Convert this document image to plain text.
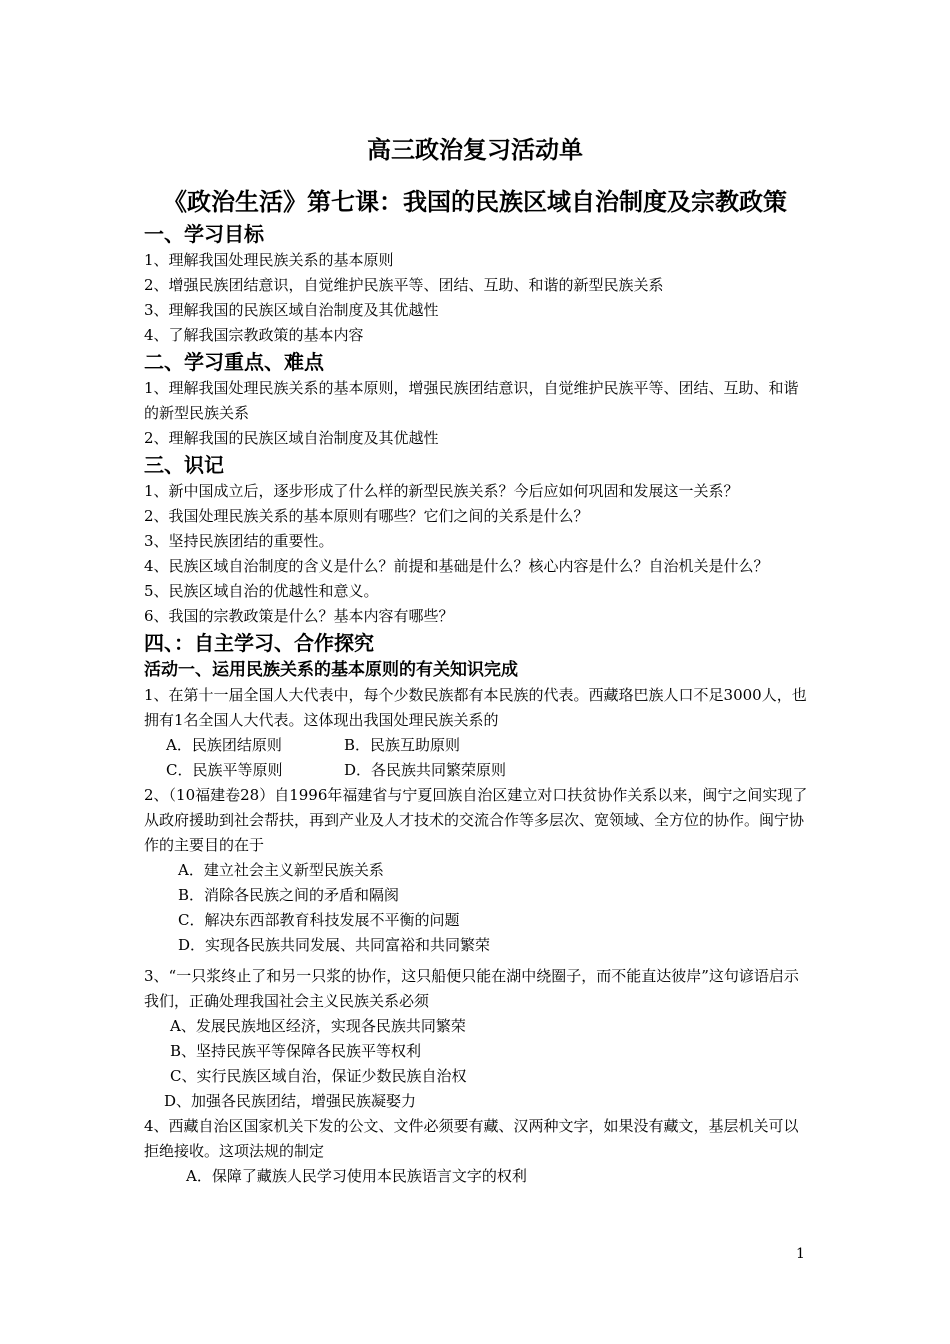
高三政治复习活动单
《政治生活》第七课：我国的民族区域自治制度及宗教政策
一、学习目标
1、理解我国处理民族关系的基本原则
2、增强民族团结意识，自觉维护民族平等、团结、互助、和谐的新型民族关系
3、理解我国的民族区域自治制度及其优越性
4、了解我国宗教政策的基本内容
二、学习重点、难点
1、理解我国处理民族关系的基本原则，增强民族团结意识，自觉维护民族平等、团结、互助、和谐的新型民族关系
2、理解我国的民族区域自治制度及其优越性
三、识记
1、新中国成立后，逐步形成了什么样的新型民族关系？今后应如何巩固和发展这一关系？
2、我国处理民族关系的基本原则有哪些？它们之间的关系是什么？
3、坚持民族团结的重要性。
4、民族区域自治制度的含义是什么？前提和基础是什么？核心内容是什么？自治机关是什么？
5、民族区域自治的优越性和意义。
6、我国的宗教政策是什么？基本内容有哪些？
四、：自主学习、合作探究
活动一、运用民族关系的基本原则的有关知识完成
1、在第十一届全国人大代表中，每个少数民族都有本民族的代表。西藏珞巴族人口不足3000人，也拥有1名全国人大代表。这体现出我国处理民族关系的
A．民族团结原则	B．民族互助原则
C．民族平等原则	D．各民族共同繁荣原则
2、（10福建卷28）自1996年福建省与宁夏回族自治区建立对口扶贫协作关系以来，闽宁之间实现了从政府援助到社会帮扶，再到产业及人才技术的交流合作等多层次、宽领域、全方位的协作。闽宁协作的主要目的在于
A．建立社会主义新型民族关系
B．消除各民族之间的矛盾和隔阂
C．解决东西部教育科技发展不平衡的问题
D．实现各民族共同发展、共同富裕和共同繁荣
3、“一只浆终止了和另一只浆的协作，这只船便只能在湖中绕圈子，而不能直达彼岸”这句谚语启示我们，正确处理我国社会主义民族关系必须
A、发展民族地区经济，实现各民族共同繁荣
B、坚持民族平等保障各民族平等权利
C、实行民族区域自治，保证少数民族自治权
D、加强各民族团结，增强民族凝娶力
4、西藏自治区国家机关下发的公文、文件必须要有藏、汉两种文字，如果没有藏文，基层机关可以拒绝接收。这项法规的制定
A．保障了藏族人民学习使用本民族语言文字的权利
1
